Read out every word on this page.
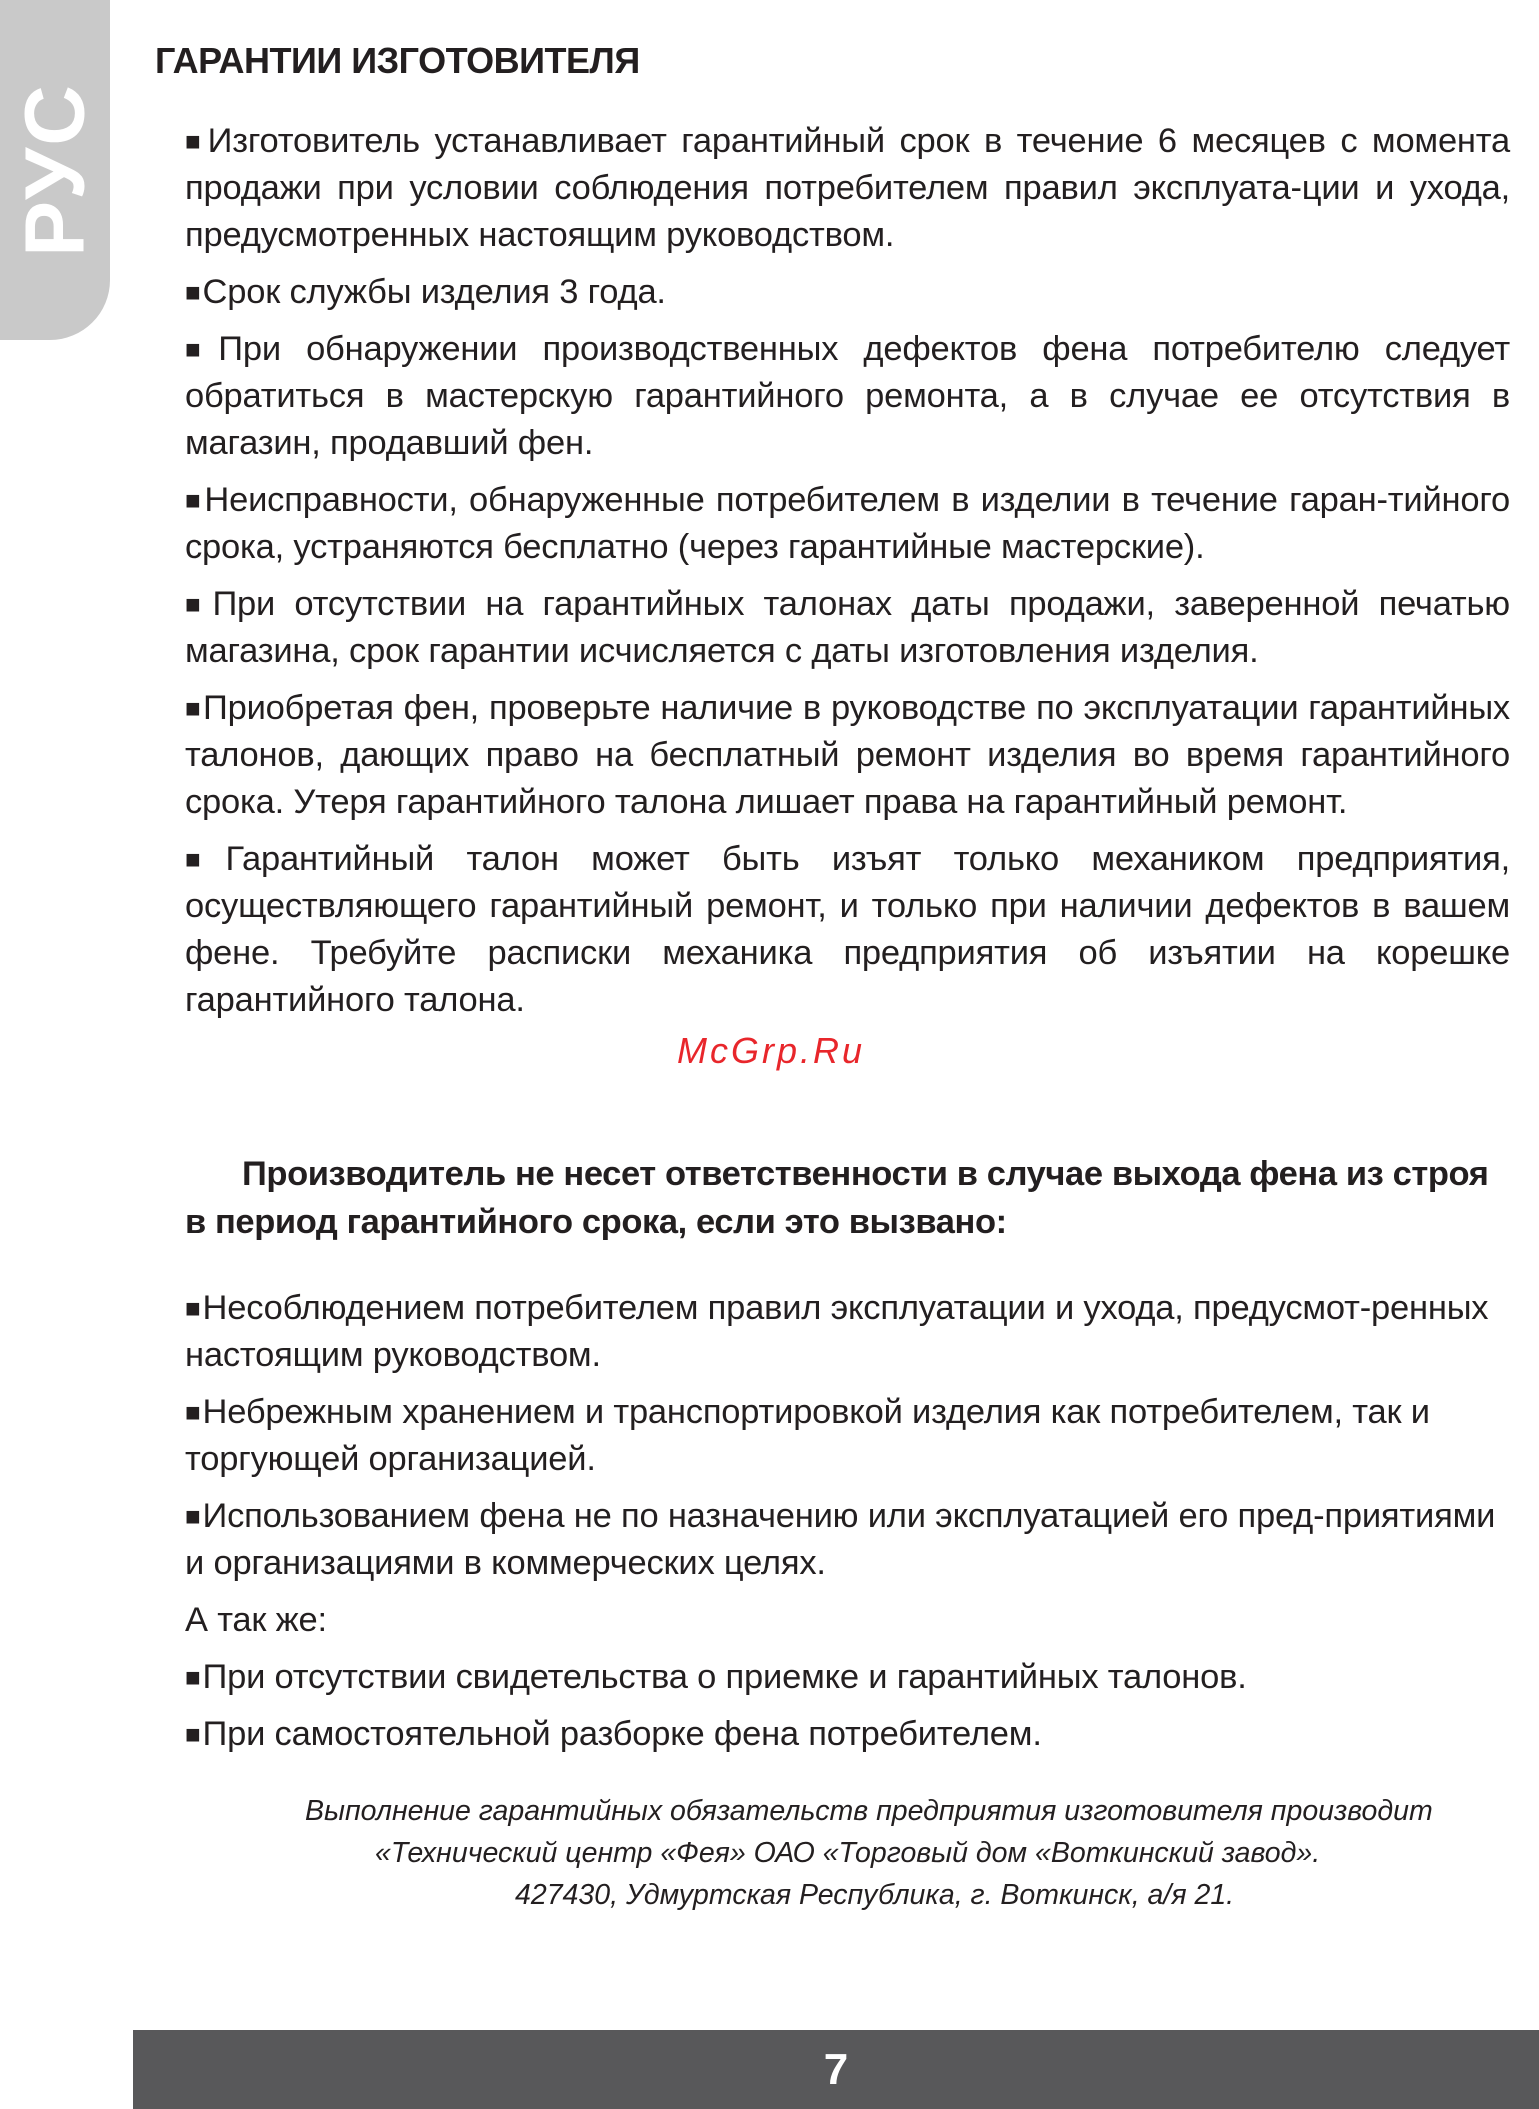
РУС
ГАРАНТИИ ИЗГОТОВИТЕЛЯ

■Изготовитель устанавливает гарантийный срок в течение 6 месяцев с момента продажи при условии соблюдения потребителем правил эксплуата-ции и ухода, предусмотренных настоящим руководством.

■Срок службы изделия 3 года.

■При обнаружении производственных дефектов фена потребителю следует обратиться в мастерскую гарантийного ремонта, а в случае ее отсутствия в магазин, продавший фен.

■Неисправности, обнаруженные потребителем в изделии в течение гаран-тийного срока, устраняются бесплатно (через гарантийные мастерские).

■При отсутствии на гарантийных талонах даты продажи, заверенной печатью магазина, срок гарантии исчисляется с даты изготовления изделия.

■Приобретая фен, проверьте наличие в руководстве по эксплуатации гарантийных талонов, дающих право на бесплатный ремонт изделия во время гарантийного срока. Утеря гарантийного талона лишает права на гарантийный ремонт.

■Гарантийный талон может быть изъят только механиком предприятия, осуществляющего гарантийный ремонт, и только при наличии дефектов в вашем фене. Требуйте расписки механика предприятия об изъятии на корешке гарантийного талона.

McGrp.Ru

Производитель не несет ответственности в случае выхода фена из строя в период гарантийного срока, если это вызвано:

■Несоблюдением потребителем правил эксплуатации и ухода, предусмот-ренных настоящим руководством.

■Небрежным хранением и транспортировкой изделия как потребителем, так и торгующей организацией.

■Использованием фена не по назначению или эксплуатацией его пред-приятиями и организациями в коммерческих целях.

А так же:

■При отсутствии свидетельства о приемке и гарантийных талонов.

■При самостоятельной разборке фена потребителем.

Выполнение гарантийных обязательств предприятия изготовителя производит
«Технический центр «Фея» ОАО «Торговый дом «Воткинский завод».
427430, Удмуртская Республика, г. Воткинск, а/я 21.
7
